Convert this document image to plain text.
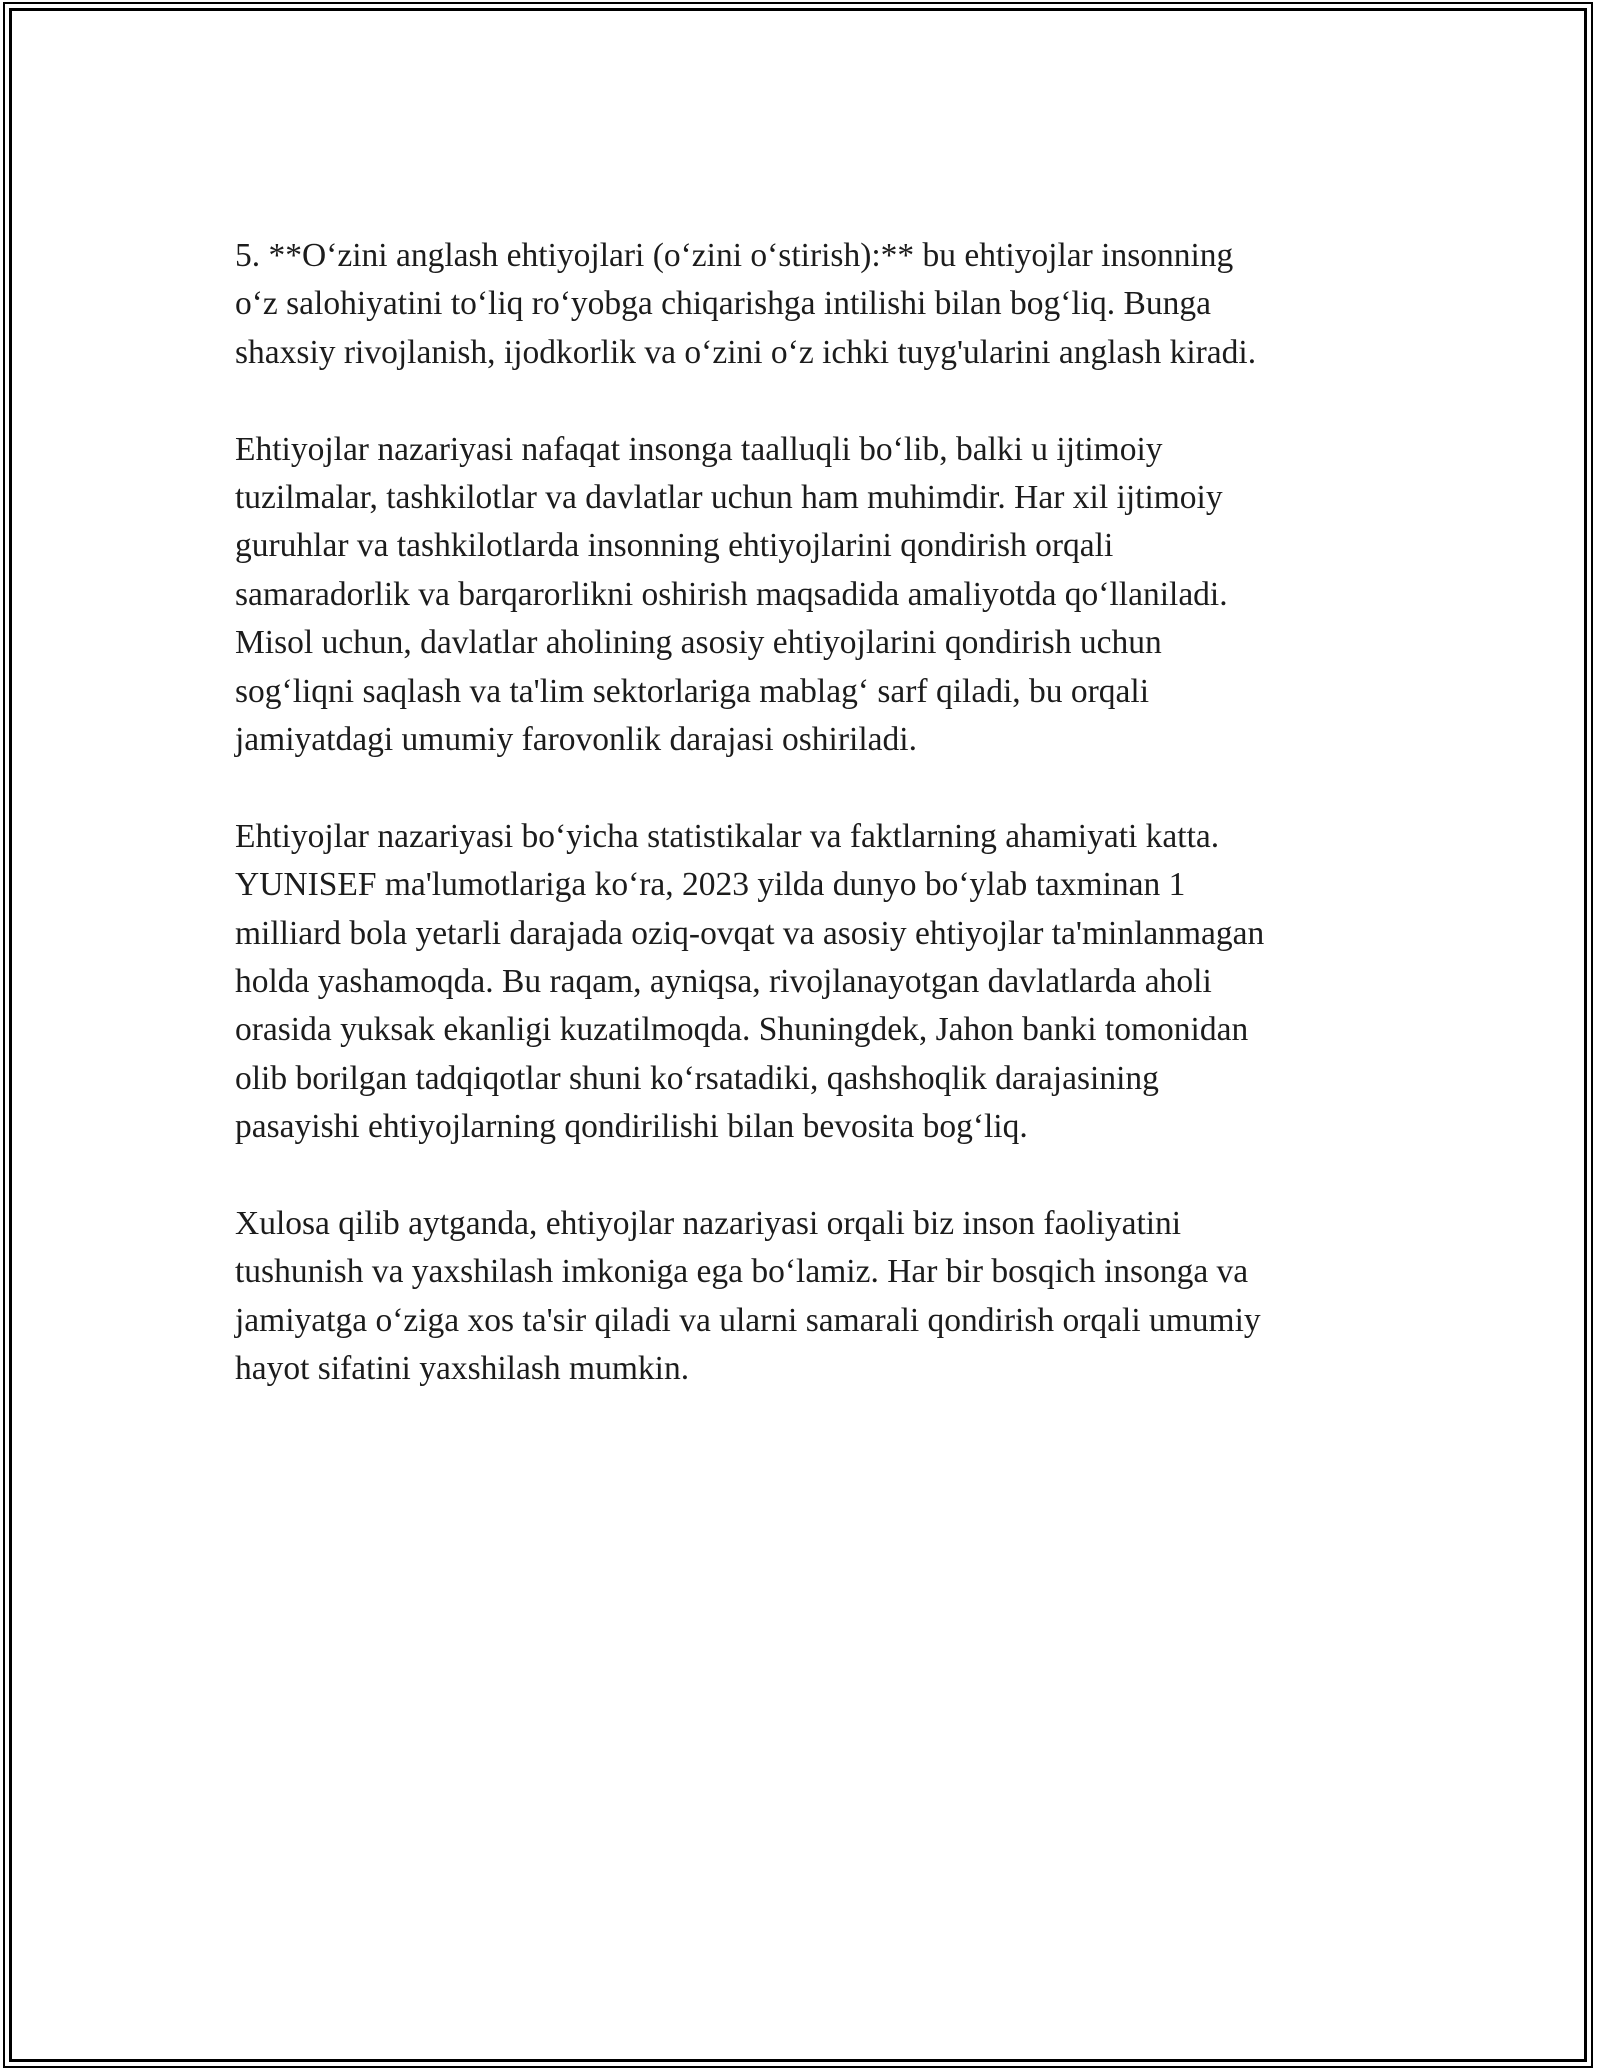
5. **O‘zini anglash ehtiyojlari (o‘zini o‘stirish):** bu ehtiyojlar insonning
o‘z salohiyatini to‘liq ro‘yobga chiqarishga intilishi bilan bog‘liq. Bunga
shaxsiy rivojlanish, ijodkorlik va o‘zini o‘z ichki tuyg'ularini anglash kiradi.

Ehtiyojlar nazariyasi nafaqat insonga taalluqli bo‘lib, balki u ijtimoiy
tuzilmalar, tashkilotlar va davlatlar uchun ham muhimdir. Har xil ijtimoiy
guruhlar va tashkilotlarda insonning ehtiyojlarini qondirish orqali
samaradorlik va barqarorlikni oshirish maqsadida amaliyotda qo‘llaniladi.
Misol uchun, davlatlar aholining asosiy ehtiyojlarini qondirish uchun
sog‘liqni saqlash va ta'lim sektorlariga mablag‘ sarf qiladi, bu orqali
jamiyatdagi umumiy farovonlik darajasi oshiriladi.

Ehtiyojlar nazariyasi bo‘yicha statistikalar va faktlarning ahamiyati katta.
YUNISEF ma'lumotlariga ko‘ra, 2023 yilda dunyo bo‘ylab taxminan 1
milliard bola yetarli darajada oziq-ovqat va asosiy ehtiyojlar ta'minlanmagan
holda yashamoqda. Bu raqam, ayniqsa, rivojlanayotgan davlatlarda aholi
orasida yuksak ekanligi kuzatilmoqda. Shuningdek, Jahon banki tomonidan
olib borilgan tadqiqotlar shuni ko‘rsatadiki, qashshoqlik darajasining
pasayishi ehtiyojlarning qondirilishi bilan bevosita bog‘liq.

Xulosa qilib aytganda, ehtiyojlar nazariyasi orqali biz inson faoliyatini
tushunish va yaxshilash imkoniga ega bo‘lamiz. Har bir bosqich insonga va
jamiyatga o‘ziga xos ta'sir qiladi va ularni samarali qondirish orqali umumiy
hayot sifatini yaxshilash mumkin.
